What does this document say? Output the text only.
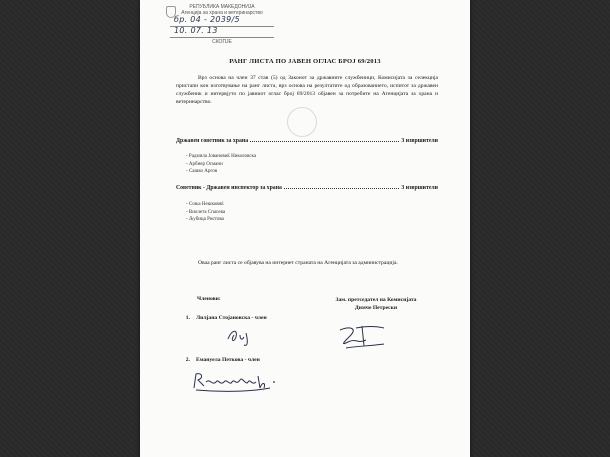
РЕПУБЛИКА МАКЕДОНИЈА
Агенција за храна и ветеринарство
бр. 04 - 2039/5
10. 07. 13
СКОПЈЕ
РАНГ ЛИСТА ПО ЈАВЕН ОГЛАС БРОЈ 69/2013

Врз основа на член 37 став (5) од Законот за државните службеници, Комисијата за селекција пристапи кон изготвување на ранг листа, врз основа на резултатите од образованието, испитот за државен службеник и интервјуто по јавниот оглас број 69/2013 објавен за потребите на Агенцијата за храна и ветеринарство.

Државен советник за храна	3 извршители
- Радмила Јовановиќ Николовска
- Арбнер Османи
- Сашко Аргов
Советник - Државен инспектор за храна	3 извршители
- Соња Нешковиќ
- Виолета Спасева
- Љубица Ристова

Оваа ранг листа се објавува на интернет страната на Агенцијата за администрација.

Членови:	Зам. претседател на Комисијата
Димче Петрески
1. Лилјана Стојановска - член
2. Емануела Петкова - член
